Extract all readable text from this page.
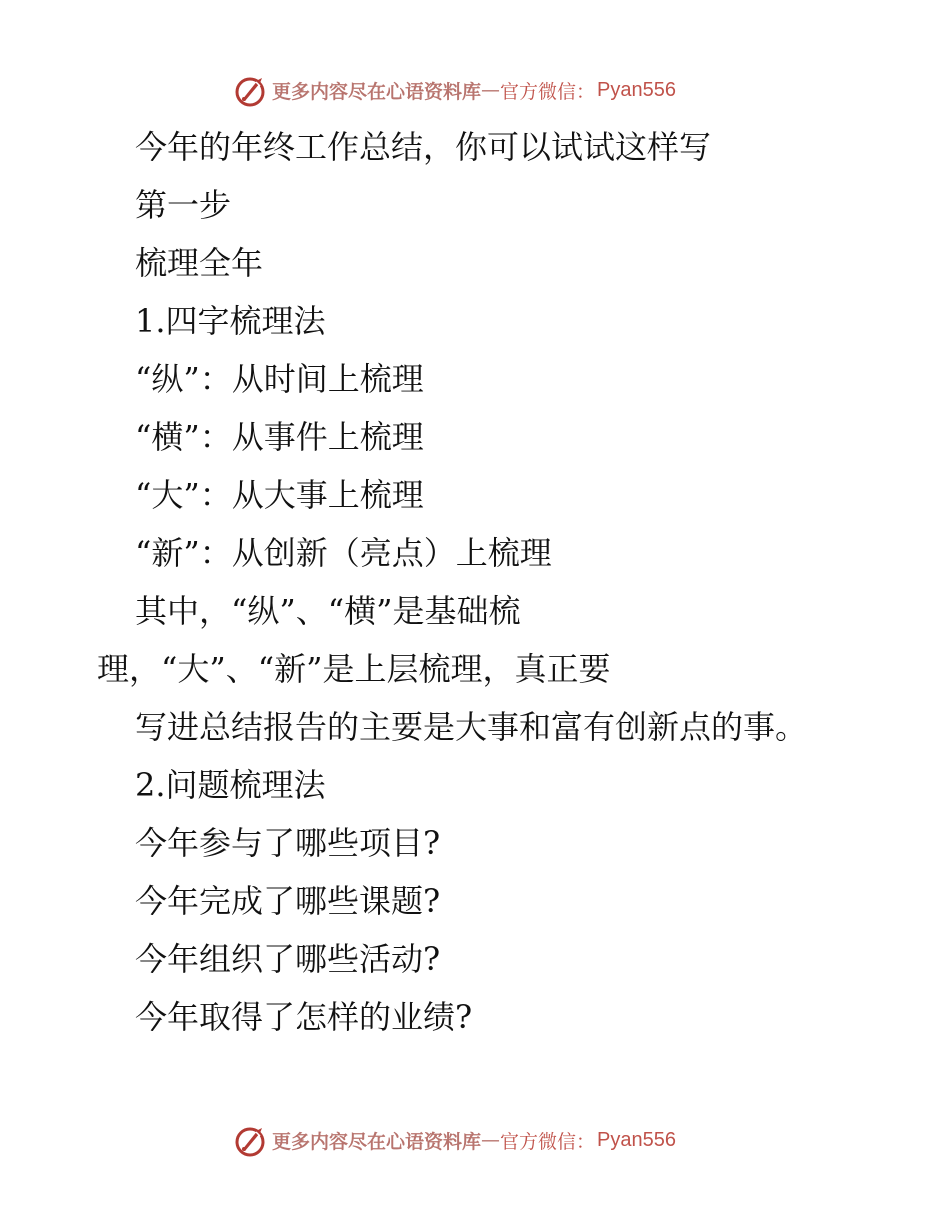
更多内容尽在心语资料库 — 官方微信： Pyan556
今年的年终工作总结，你可以试试这样写
第一步
梳理全年
1.四字梳理法
“纵”：从时间上梳理
“横”：从事件上梳理
“大”：从大事上梳理
“新”：从创新（亮点）上梳理
其中，“纵”、“横”是基础梳
理，“大”、“新”是上层梳理，真正要
写进总结报告的主要是大事和富有创新点的事。
2.问题梳理法
今年参与了哪些项目?
今年完成了哪些课题?
今年组织了哪些活动?
今年取得了怎样的业绩?
更多内容尽在心语资料库 — 官方微信： Pyan556
